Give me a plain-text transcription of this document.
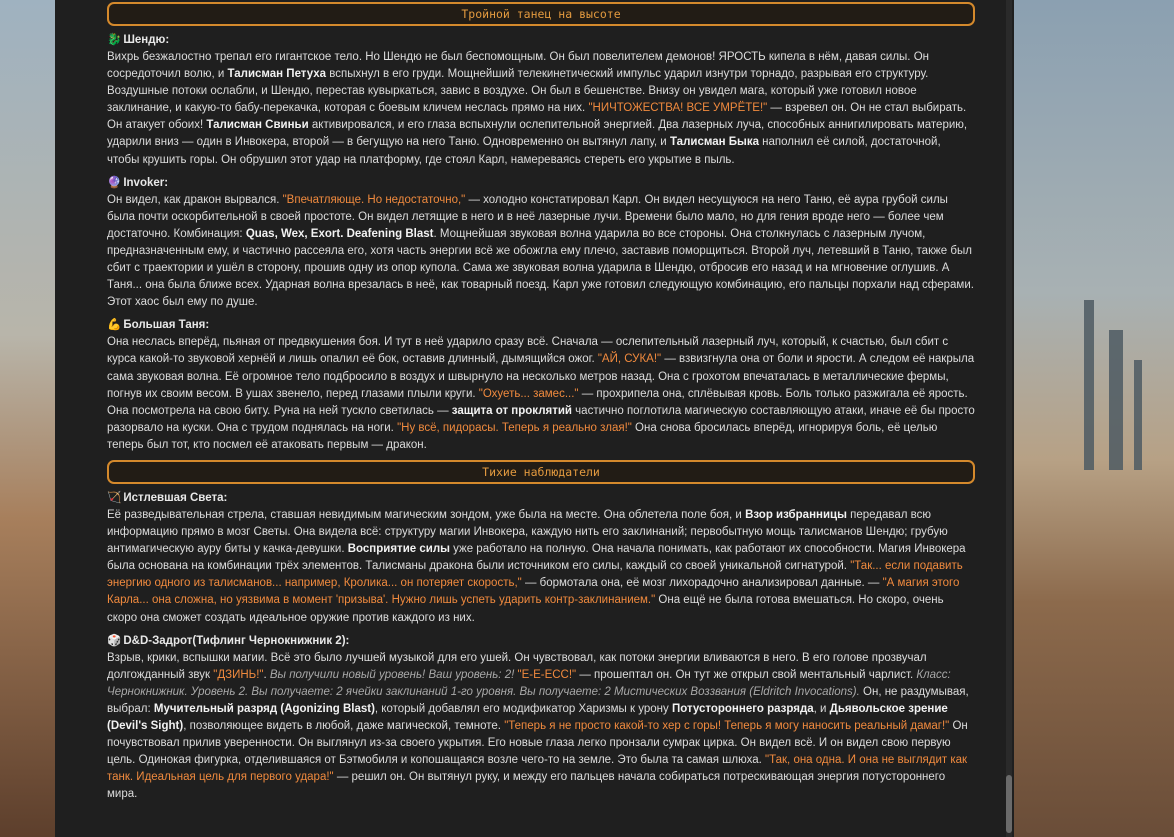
Тройной танец на высоте
🐉 Шендю:

Вихрь безжалостно трепал его гигантское тело. Но Шендю не был беспомощным. Он был повелителем демонов! ЯРОСТЬ кипела в нём, давая силы. Он сосредоточил волю, и Талисман Петуха вспыхнул в его груди. Мощнейший телекинетический импульс ударил изнутри торнадо, разрывая его структуру. Воздушные потоки ослабли, и Шендю, перестав кувыркаться, завис в воздухе. Он был в бешенстве. Внизу он увидел мага, который уже готовил новое заклинание, и какую-то бабу-перекачка, которая с боевым кличем неслась прямо на них. "НИЧТОЖЕСТВА! ВСЕ УМРЁТЕ!" — взревел он. Он не стал выбирать. Он атакует обоих! Талисман Свиньи активировался, и его глаза вспыхнули ослепительной энергией. Два лазерных луча, способных аннигилировать материю, ударили вниз — один в Инвокера, второй — в бегущую на него Таню. Одновременно он вытянул лапу, и Талисман Быка наполнил её силой, достаточной, чтобы крушить горы. Он обрушил этот удар на платформу, где стоял Карл, намереваясь стереть его укрытие в пыль.

🔮 Invoker:

Он видел, как дракон вырвался. "Впечатляюще. Но недостаточно," — холодно констатировал Карл. Он видел несущуюся на него Таню, её аура грубой силы была почти оскорбительной в своей простоте. Он видел летящие в него и в неё лазерные лучи. Времени было мало, но для гения вроде него — более чем достаточно. Комбинация: Quas, Wex, Exort. Deafening Blast. Мощнейшая звуковая волна ударила во все стороны. Она столкнулась с лазерным лучом, предназначенным ему, и частично рассеяла его, хотя часть энергии всё же обожгла ему плечо, заставив поморщиться. Второй луч, летевший в Таню, также был сбит с траектории и ушёл в сторону, прошив одну из опор купола. Сама же звуковая волна ударила в Шендю, отбросив его назад и на мгновение оглушив. А Таня... она была ближе всех. Ударная волна врезалась в неё, как товарный поезд. Карл уже готовил следующую комбинацию, его пальцы порхали над сферами. Этот хаос был ему по душе.

💪 Большая Таня:

Она неслась вперёд, пьяная от предвкушения боя. И тут в неё ударило сразу всё. Сначала — ослепительный лазерный луч, который, к счастью, был сбит с курса какой-то звуковой хернёй и лишь опалил её бок, оставив длинный, дымящийся ожог. "АЙ, СУКА!" — взвизгнула она от боли и ярости. А следом её накрыла сама звуковая волна. Её огромное тело подбросило в воздух и швырнуло на несколько метров назад. Она с грохотом впечаталась в металлические фермы, погнув их своим весом. В ушах звенело, перед глазами плыли круги. "Охуеть... замес..." — прохрипела она, сплёвывая кровь. Боль только разжигала её ярость. Она посмотрела на свою биту. Руна на ней тускло светилась — защита от проклятий частично поглотила магическую составляющую атаки, иначе её бы просто разорвало на куски. Она с трудом поднялась на ноги. "Ну всё, пидорасы. Теперь я реально злая!" Она снова бросилась вперёд, игнорируя боль, её целью теперь был тот, кто посмел её атаковать первым — дракон.

Тихие наблюдатели
🏹 Истлевшая Света:

Её разведывательная стрела, ставшая невидимым магическим зондом, уже была на месте. Она облетела поле боя, и Взор избранницы передавал всю информацию прямо в мозг Светы. Она видела всё: структуру магии Инвокера, каждую нить его заклинаний; первобытную мощь талисманов Шендю; грубую антимагическую ауру биты у качка-девушки. Восприятие силы уже работало на полную. Она начала понимать, как работают их способности. Магия Инвокера была основана на комбинации трёх элементов. Талисманы дракона были источником его силы, каждый со своей уникальной сигнатурой. "Так... если подавить энергию одного из талисманов... например, Кролика... он потеряет скорость," — бормотала она, её мозг лихорадочно анализировал данные. — "А магия этого Карла... она сложна, но уязвима в момент 'призыва'. Нужно лишь успеть ударить контр-заклинанием." Она ещё не была готова вмешаться. Но скоро, очень скоро она сможет создать идеальное оружие против каждого из них.

🎲 D&D-Задрот(Тифлинг Чернокнижник 2):

Взрыв, крики, вспышки магии. Всё это было лучшей музыкой для его ушей. Он чувствовал, как потоки энергии вливаются в него. В его голове прозвучал долгожданный звук "ДЗИНЬ!". Вы получили новый уровень! Ваш уровень: 2! "Е-Е-ЕСС!" — прошептал он. Он тут же открыл свой ментальный чарлист. Класс: Чернокнижник. Уровень 2. Вы получаете: 2 ячейки заклинаний 1-го уровня. Вы получаете: 2 Мистических Воззвания (Eldritch Invocations). Он, не раздумывая, выбрал: Мучительный разряд (Agonizing Blast), который добавлял его модификатор Харизмы к урону Потустороннего разряда, и Дьявольское зрение (Devil's Sight), позволяющее видеть в любой, даже магической, темноте. "Теперь я не просто какой-то хер с горы! Теперь я могу наносить реальный дамаг!" Он почувствовал прилив уверенности. Он выглянул из-за своего укрытия. Его новые глаза легко пронзали сумрак цирка. Он видел всё. И он видел свою первую цель. Одинокая фигурка, отделившаяся от Бэтмобиля и копошащаяся возле чего-то на земле. Это была та самая шлюха. "Так, она одна. И она не выглядит как танк. Идеальная цель для первого удара!" — решил он. Он вытянул руку, и между его пальцев начала собираться потрескивающая энергия потустороннего мира.
